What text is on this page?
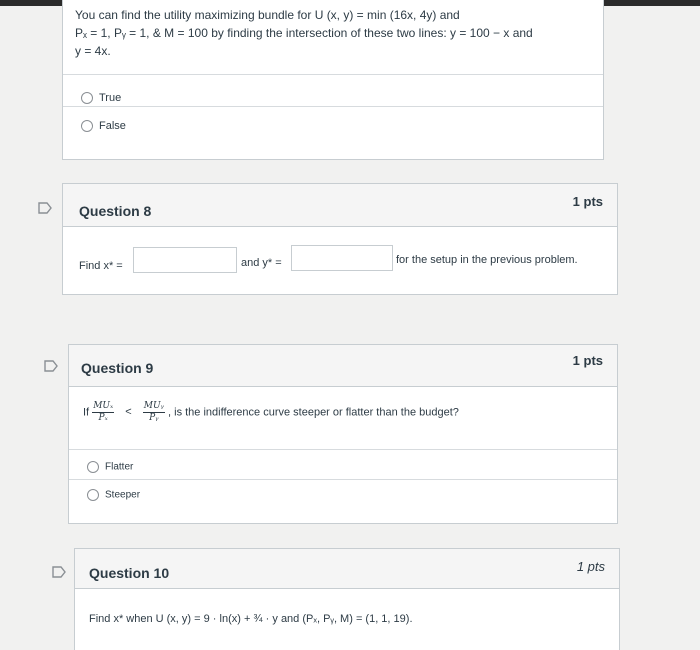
You can find the utility maximizing bundle for U (x, y) = min (16x, 4y) and
Pₓ = 1, Pᵧ = 1, & M = 100 by finding the intersection of these two lines: y = 100 − x and
y = 4x.
True
False
Question 8
1 pts
Find x* =	and y* =	for the setup in the previous problem.
Question 9	1 pts
If $\frac{\text{MUₓ}}{\text{Pₓ}} < \frac{\text{MUᵧ}}{\text{Pᵧ}}$ , is the indifference curve steeper or flatter than the budget?
Flatter
Steeper
Question 10	1 pts
Find x* when U (x, y) = 9 · ln(x) + ¾ · y and (Pₓ, Pᵧ, M) = (1, 1, 19).
